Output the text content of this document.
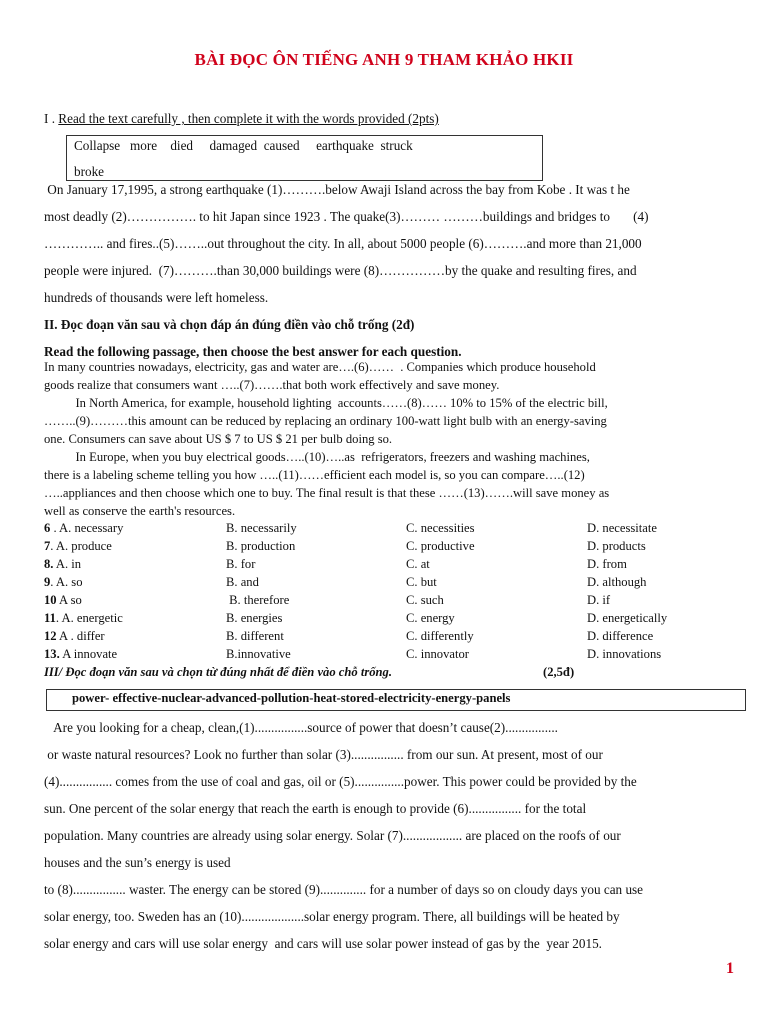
BÀI ĐỌC ÔN TIẾNG ANH 9 THAM KHẢO HKII
I . Read the text carefully , then complete it with the words provided (2pts)
Collapse   more    died     damaged  caused     earthquake  struck
broke
On January 17,1995, a strong earthquake (1)……….below Awaji Island across the bay from Kobe . It was t he
most deadly (2)……………. to hit Japan since 1923 . The quake(3)……… ………buildings and bridges to       (4)
………….. and fires..(5)……..out throughout the city. In all, about 5000 people (6)……….and more than 21,000
people were injured.  (7)……….than 30,000 buildings were (8)……………by the quake and resulting fires, and
hundreds of thousands were left homeless.
II. Đọc đoạn văn sau và chọn đáp án đúng điền vào chỗ trống (2đ)
Read the following passage, then choose the best answer for each question.
In many countries nowadays, electricity, gas and water are….(6)……  . Companies which produce household
goods realize that consumers want …..(7)…….that both work effectively and save money.
In North America, for example, household lighting  accounts……(8)…… 10% to 15% of the electric bill,
……..(9)………this amount can be reduced by replacing an ordinary 100-watt light bulb with an energy-saving
one. Consumers can save about US $ 7 to US $ 21 per bulb doing so.
In Europe, when you buy electrical goods…..(10)…..as  refrigerators, freezers and washing machines,
there is a labeling scheme telling you how …..(11)……efficient each model is, so you can compare…..(12)
…..appliances and then choose which one to buy. The final result is that these ……(13)…….will save money as
well as conserve the earth's resources.
6 . A. necessary	B. necessarily	C. necessities	D. necessitate
7. A. produce	B. production	C. productive	D. products
8. A. in	B. for	C. at	D. from
9. A. so	B. and	C. but	D. although
10 A so	B. therefore	C. such	D. if
11. A. energetic	B. energies	C. energy	D. energetically
12 A . differ	B. different	C. differently	D. difference
13. A innovate	B.innovative	C. innovator	D. innovations
III/ Đọc đoạn văn sau và chọn từ đúng nhất để điền vào chỗ trống.	(2,5đ)
power- effective-nuclear-advanced-pollution-heat-stored-electricity-energy-panels
Are you looking for a cheap, clean,(1)................source of power that doesn’t cause(2)................
or waste natural resources? Look no further than solar (3)................ from our sun. At present, most of our
(4)................ comes from the use of coal and gas, oil or (5)...............power. This power could be provided by the
sun. One percent of the solar energy that reach the earth is enough to provide (6)................ for the total
population. Many countries are already using solar energy. Solar (7).................. are placed on the roofs of our
houses and the sun’s energy is used
to (8)................ waster. The energy can be stored (9).............. for a number of days so on cloudy days you can use
solar energy, too. Sweden has an (10)...................solar energy program. There, all buildings will be heated by
solar energy and cars will use solar energy  and cars will use solar power instead of gas by the  year 2015.
1
